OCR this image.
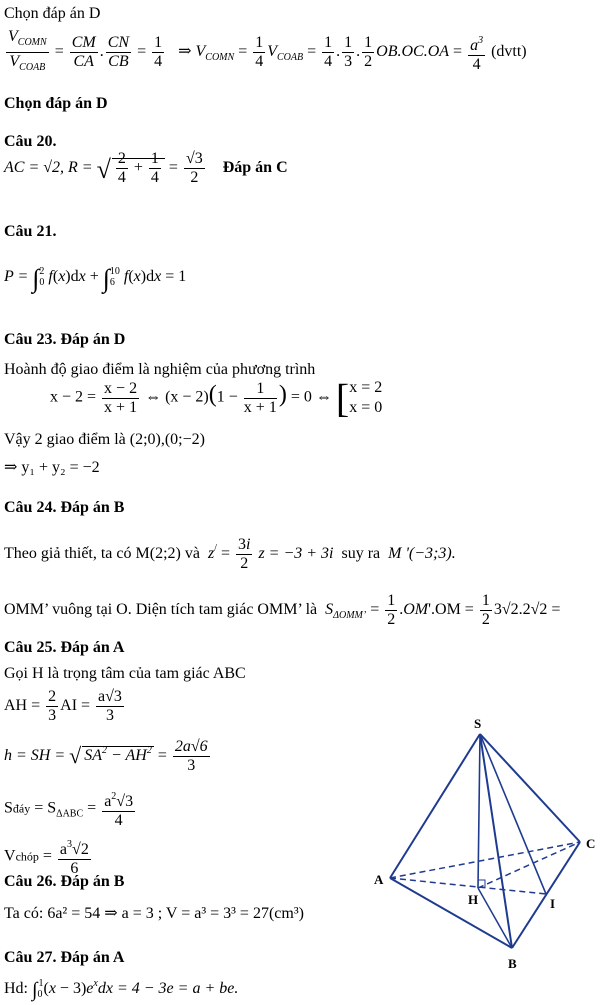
Chọn đáp án D
$\frac{V_{COMN}}{V_{COAB}} = \frac{CM}{CA}$ . $\frac{CN}{CB} = \frac{1}{4}$ ⇒ $V_{COMN} = \frac{1}{4} V_{COAB} = \frac{1}{4}$ . $\frac{1}{3}$ . $\frac{1}{2} OB.OC.OA = \frac{a^3}{4}$ (dvtt)
Chọn đáp án D
Câu 20.
AC = √2, R = √ $\frac{2}{4} + \frac{1}{4} = \frac{√3}{2}$ Đáp án C
Câu 21.
$P = \int_0^2$ $f(x)dx + \int_6^{10}$ f(x)dx = 1
Câu 23. Đáp án D
Hoành độ giao điểm là nghiệm của phương trình
$x - 2 = \frac{x - 2}{x + 1}$ ⇔ $(x - 2)(1 - \frac{1}{x + 1}$ ) = 0 ⇔ [ x = 2
x = 0
Vậy 2 giao điểm là (2;0),(0;−2)
⇒ y₁ + y₂ = −2
Câu 24. Đáp án B
Theo giả thiết, ta có M(2;2) và $z^/ = \frac{3i}{2}$ z = −3 + 3i suy ra M '(−3;3).
OMM’ vuông tại O. Diện tích tam giác OMM’ là $S_{\Delta OMM’} = \frac{1}{2} .OM'.OM = \frac{1}{2} 3√2.2√2$ =
Câu 25. Đáp án A
Gọi H là trọng tâm của tam giác ABC
AH = $\frac{2}{3}$ AI = $\frac{a√3}{3}$
h = SH = √ $SA^2 - AH^2 = \frac{2a√6}{3}$
Sđáy = $S_{\Delta ABC} = \frac{a^2√3}{4}$
Vchóp = $\frac{a^3√2}{6}$
Câu 26. Đáp án B
Ta có: 6a² = 54 ⇒ a = 3 ; V = a³ = 3³ = 27(cm³)
Câu 27. Đáp án A
Hd: $\int_0^1(x - 3)e^xdx = 4 - 3e = a$ + be.
S
A
B
C
H	I
